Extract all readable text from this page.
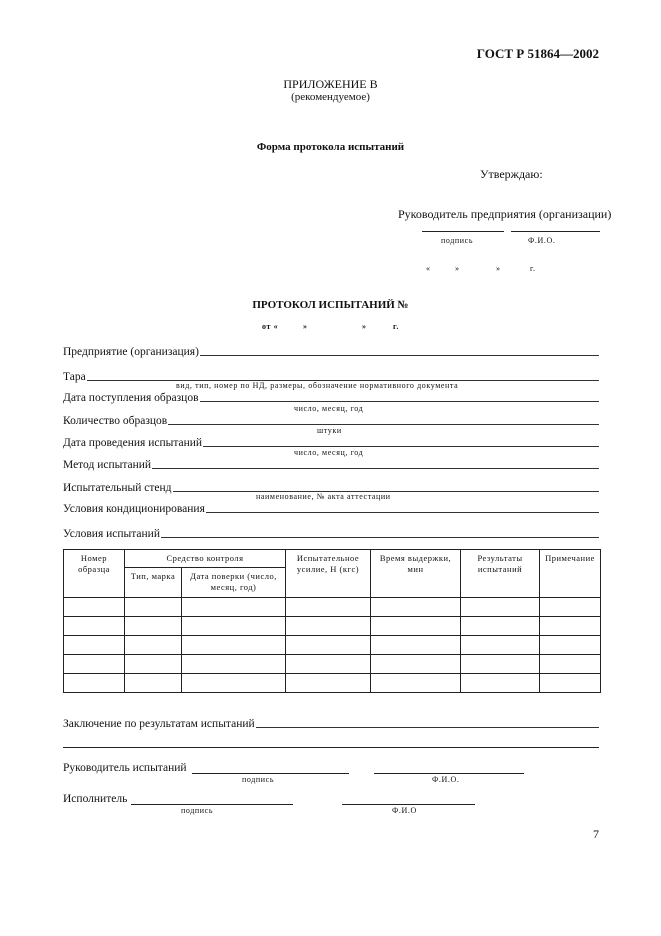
ГОСТ Р 51864—2002
ПРИЛОЖЕНИЕ В
(рекомендуемое)
Форма протокола испытаний
Утверждаю:
Руководитель предприятия (организации)
подпись	Ф.И.О.
«	»	»	г.
ПРОТОКОЛ ИСПЫТАНИЙ №
от «	»	»	г.
Предприятие (организация)
Тара
вид, тип, номер по НД, размеры, обозначение нормативного документа
Дата поступления образцов
число, месяц, год
Количество образцов
штуки
Дата проведения испытаний
число, месяц, год
Метод испытаний
Испытательный стенд
наименование, № акта аттестации
Условия кондиционирования
Условия испытаний
Номер образца	Средство контроля		Испытательное усилие, Н (кгс)	Время выдержки, мин	Результаты испытаний	Примечание
	Тип, марка	Дата поверки (число, месяц, год)				

Заключение по результатам испытаний
Руководитель испытаний
подпись	Ф.И.О.
Исполнитель
подпись	Ф.И.О
7
